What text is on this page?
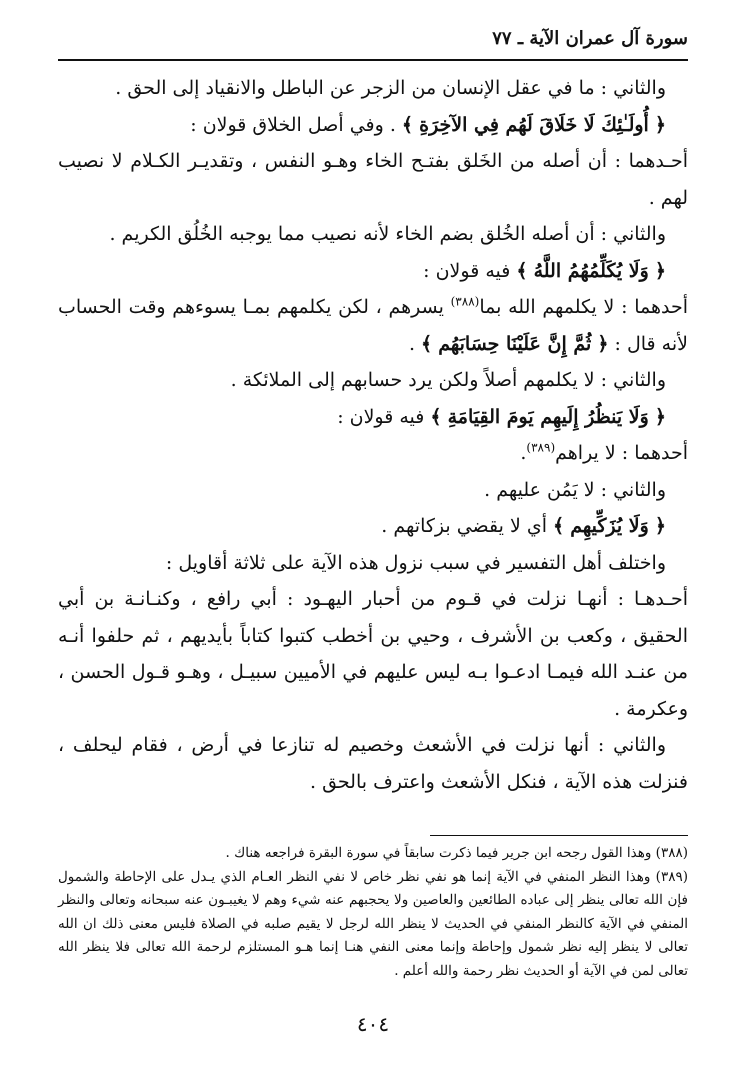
سورة آل عمران الآية ـ ٧٧

والثاني : ما في عقل الإنسان من الزجر عن الباطل والانقياد إلى الحق .

﴿ أُولَـٰئِكَ لَا خَلَاقَ لَهُم فِي الآخِرَةِ ﴾ . وفي أصل الخلاق قولان :

أحـدهما : أن أصله من الخَلق بفتـح الخاء وهـو النفس ، وتقديـر الكـلام لا نصيب لهم .

والثاني : أن أصله الخُلق بضم الخاء لأنه نصيب مما يوجبه الخُلُق الكريم .

﴿ وَلَا يُكَلِّمُهُمُ اللَّهُ ﴾ فيه قولان :

أحدهما : لا يكلمهم الله بما$^{(٣٨٨)}$ يسرهم ، لكن يكلمهم بمـا يسوءهم وقت الحساب لأنه قال : ﴿ ثُمَّ إِنَّ عَلَيْنَا حِسَابَهُم ﴾ .

والثاني : لا يكلمهم أصلاً ولكن يرد حسابهم إلى الملائكة .

﴿ وَلَا يَنظُرُ إِلَيهِم يَومَ القِيَامَةِ ﴾ فيه قولان :

أحدهما : لا يراهم$^{(٣٨٩)}$.

والثاني : لا يَمُن عليهم .

﴿ وَلَا يُزَكِّيهِم ﴾ أي لا يقضي بزكاتهم .

واختلف أهل التفسير في سبب نزول هذه الآية على ثلاثة أقاويل :

أحـدهـا : أنهـا نزلت في قـوم من أحبار اليهـود : أبي رافع ، وكنـانـة بن أبي الحقيق ، وكعب بن الأشرف ، وحيي بن أخطب كتبوا كتاباً بأيديهم ، ثم حلفوا أنـه من عنـد الله فيمـا ادعـوا بـه ليس عليهم في الأميين سبيـل ، وهـو قـول الحسن ، وعكرمة .

والثاني : أنها نزلت في الأشعث وخصيم له تنازعا في أرض ، فقام ليحلف ، فنزلت هذه الآية ، فنكل الأشعث واعترف بالحق .

(٣٨٨) وهذا القول رجحه ابن جرير فيما ذكرت سابقاً في سورة البقرة فراجعه هناك .

(٣٨٩) وهذا النظر المنفي في الآية إنما هو نفي نظر خاص لا نفي النظر العـام الذي يـدل على الإحاطة والشمول فإن الله تعالى ينظر إلى عباده الطائعين والعاصين ولا يحجبهم عنه شيء وهم لا يغيبـون عنه سبحانه وتعالى والنظر المنفي في الآية كالنظر المنفي في الحديث لا ينظر الله لرجل لا يقيم صلبه في الصلاة فليس معنى ذلك ان الله تعالى لا ينظر إليه نظر شمول وإحاطة وإنما معنى النفي هنـا إنما هـو المستلزم لرحمة الله تعالى فلا ينظر الله تعالى لمن في الآية أو الحديث نظر رحمة والله أعلم .

٤٠٤
